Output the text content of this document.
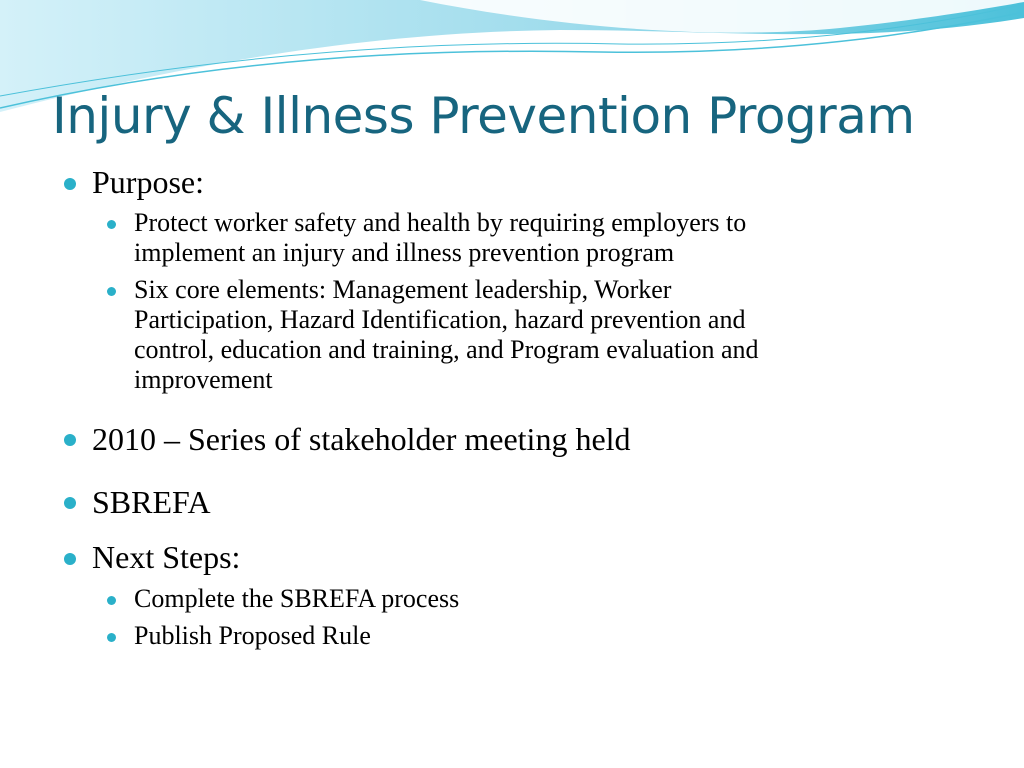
Injury & Illness Prevention Program
Purpose:
Protect worker safety and health by requiring employers to
implement an injury and illness prevention program
Six core elements: Management leadership, Worker
Participation, Hazard Identification, hazard prevention and
control, education and training, and Program evaluation and
improvement
2010 – Series of stakeholder meeting held
SBREFA
Next Steps:
Complete the SBREFA process
Publish Proposed Rule
